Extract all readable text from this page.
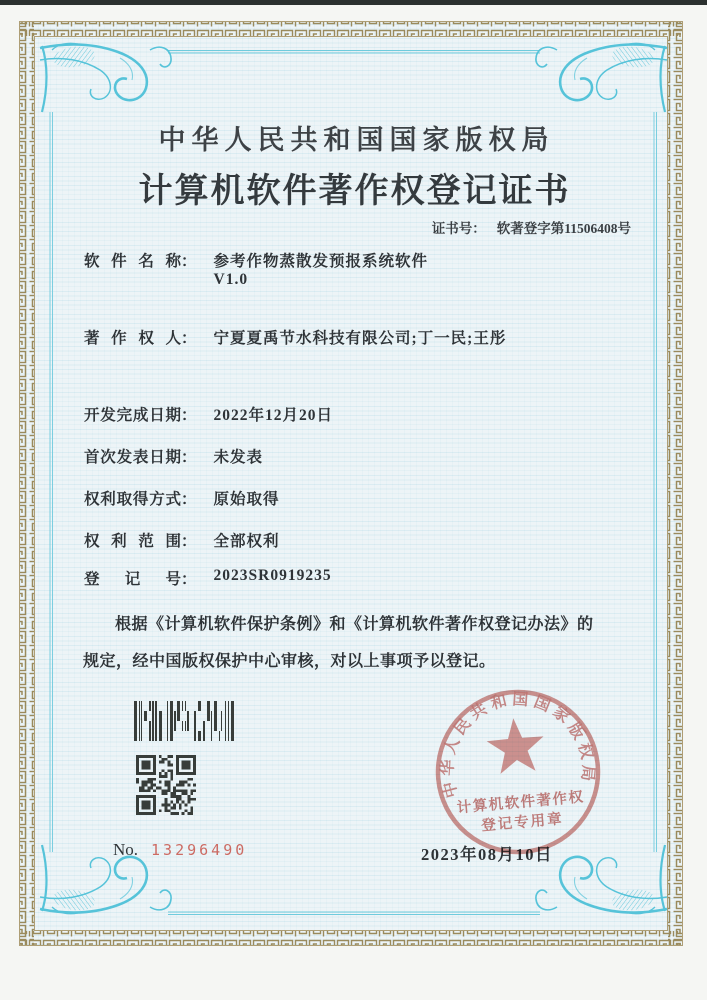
中华人民共和国国家版权局
计算机软件著作权登记证书
证书号： 软著登字第11506408号
软件名称： 参考作物蒸散发预报系统软件
V1.0
著作权人： 宁夏夏禹节水科技有限公司;丁一民;王彤
开发完成日期： 2022年12月20日
首次发表日期： 未发表
权利取得方式： 原始取得
权利范围： 全部权利
登记号： 2023SR0919235
根据《计算机软件保护条例》和《计算机软件著作权登记办法》的
规定，经中国版权保护中心审核，对以上事项予以登记。
No. 13296490	2023年08月10日
中华人民共和国国家版权局
计算机软件著作权
登记专用章
